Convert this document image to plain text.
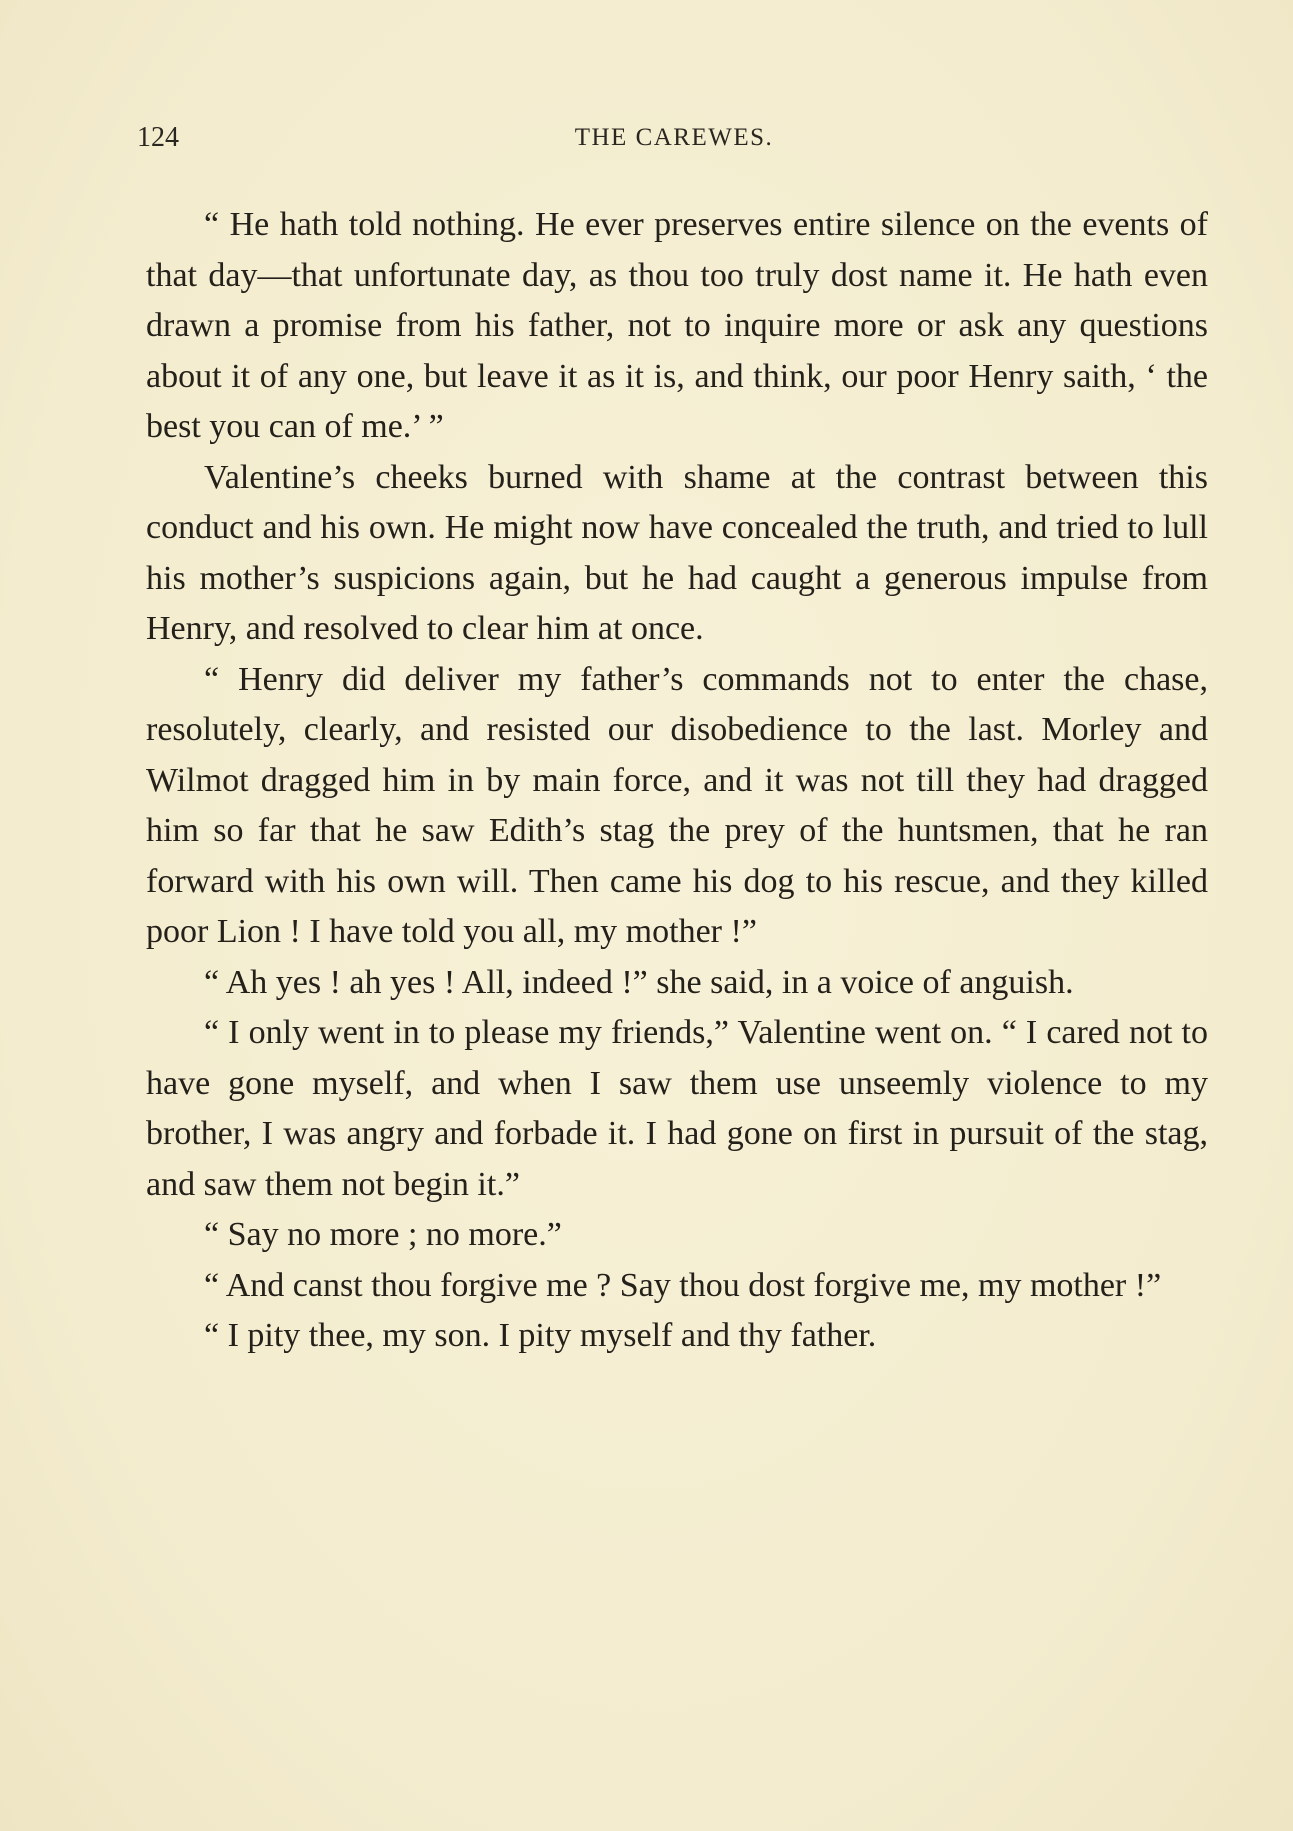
124	THE CAREWES.

“ He hath told nothing. He ever preserves entire silence on the events of that day—that unfortunate day, as thou too truly dost name it. He hath even drawn a promise from his father, not to inquire more or ask any questions about it of any one, but leave it as it is, and think, our poor Henry saith, ‘ the best you can of me.’ ”

Valentine’s cheeks burned with shame at the contrast between this conduct and his own. He might now have concealed the truth, and tried to lull his mother’s suspicions again, but he had caught a generous impulse from Henry, and resolved to clear him at once.

“ Henry did deliver my father’s commands not to enter the chase, resolutely, clearly, and resisted our disobedience to the last. Morley and Wilmot dragged him in by main force, and it was not till they had dragged him so far that he saw Edith’s stag the prey of the huntsmen, that he ran forward with his own will. Then came his dog to his rescue, and they killed poor Lion ! I have told you all, my mother !”

“ Ah yes ! ah yes ! All, indeed !” she said, in a voice of anguish.

“ I only went in to please my friends,” Valentine went on. “ I cared not to have gone myself, and when I saw them use unseemly violence to my brother, I was angry and forbade it. I had gone on first in pursuit of the stag, and saw them not begin it.”

“ Say no more ; no more.”

“ And canst thou forgive me ? Say thou dost forgive me, my mother !”

“ I pity thee, my son. I pity myself and thy father.
